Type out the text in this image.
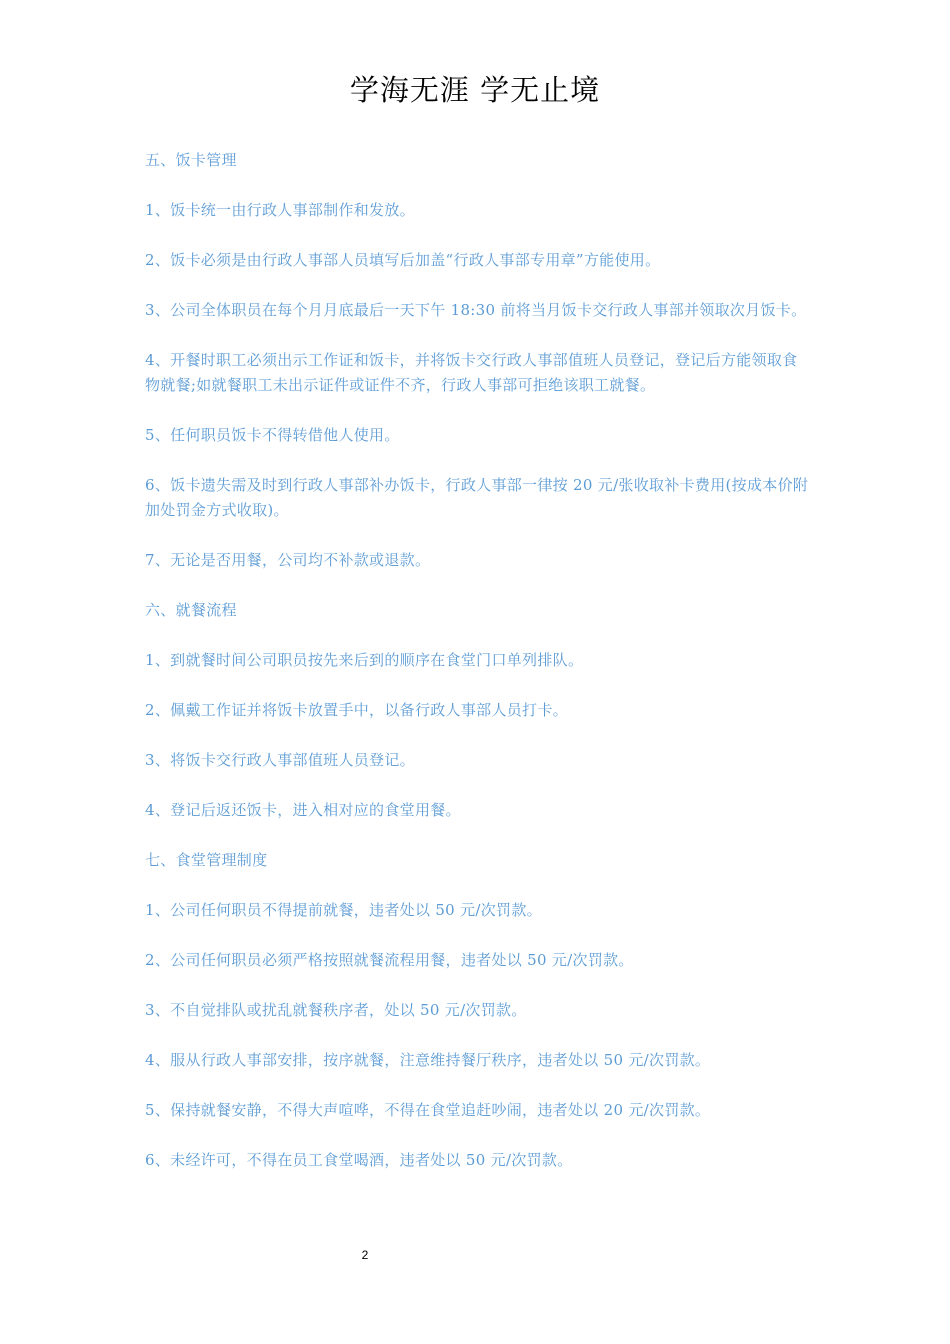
学海无涯 学无止境

五、饭卡管理

1、饭卡统一由行政人事部制作和发放。

2、饭卡必须是由行政人事部人员填写后加盖“行政人事部专用章”方能使用。

3、公司全体职员在每个月月底最后一天下午 18:30 前将当月饭卡交行政人事部并领取次月饭卡。

4、开餐时职工必须出示工作证和饭卡，并将饭卡交行政人事部值班人员登记，登记后方能领取食物就餐;如就餐职工未出示证件或证件不齐，行政人事部可拒绝该职工就餐。

5、任何职员饭卡不得转借他人使用。

6、饭卡遗失需及时到行政人事部补办饭卡，行政人事部一律按 20 元/张收取补卡费用(按成本价附加处罚金方式收取)。

7、无论是否用餐，公司均不补款或退款。

六、就餐流程

1、到就餐时间公司职员按先来后到的顺序在食堂门口单列排队。

2、佩戴工作证并将饭卡放置手中，以备行政人事部人员打卡。

3、将饭卡交行政人事部值班人员登记。

4、登记后返还饭卡，进入相对应的食堂用餐。

七、食堂管理制度

1、公司任何职员不得提前就餐，违者处以 50 元/次罚款。

2、公司任何职员必须严格按照就餐流程用餐，违者处以 50 元/次罚款。

3、不自觉排队或扰乱就餐秩序者，处以 50 元/次罚款。

4、服从行政人事部安排，按序就餐，注意维持餐厅秩序，违者处以 50 元/次罚款。

5、保持就餐安静，不得大声喧哗，不得在食堂追赶吵闹，违者处以 20 元/次罚款。

6、未经许可，不得在员工食堂喝酒，违者处以 50 元/次罚款。

2
